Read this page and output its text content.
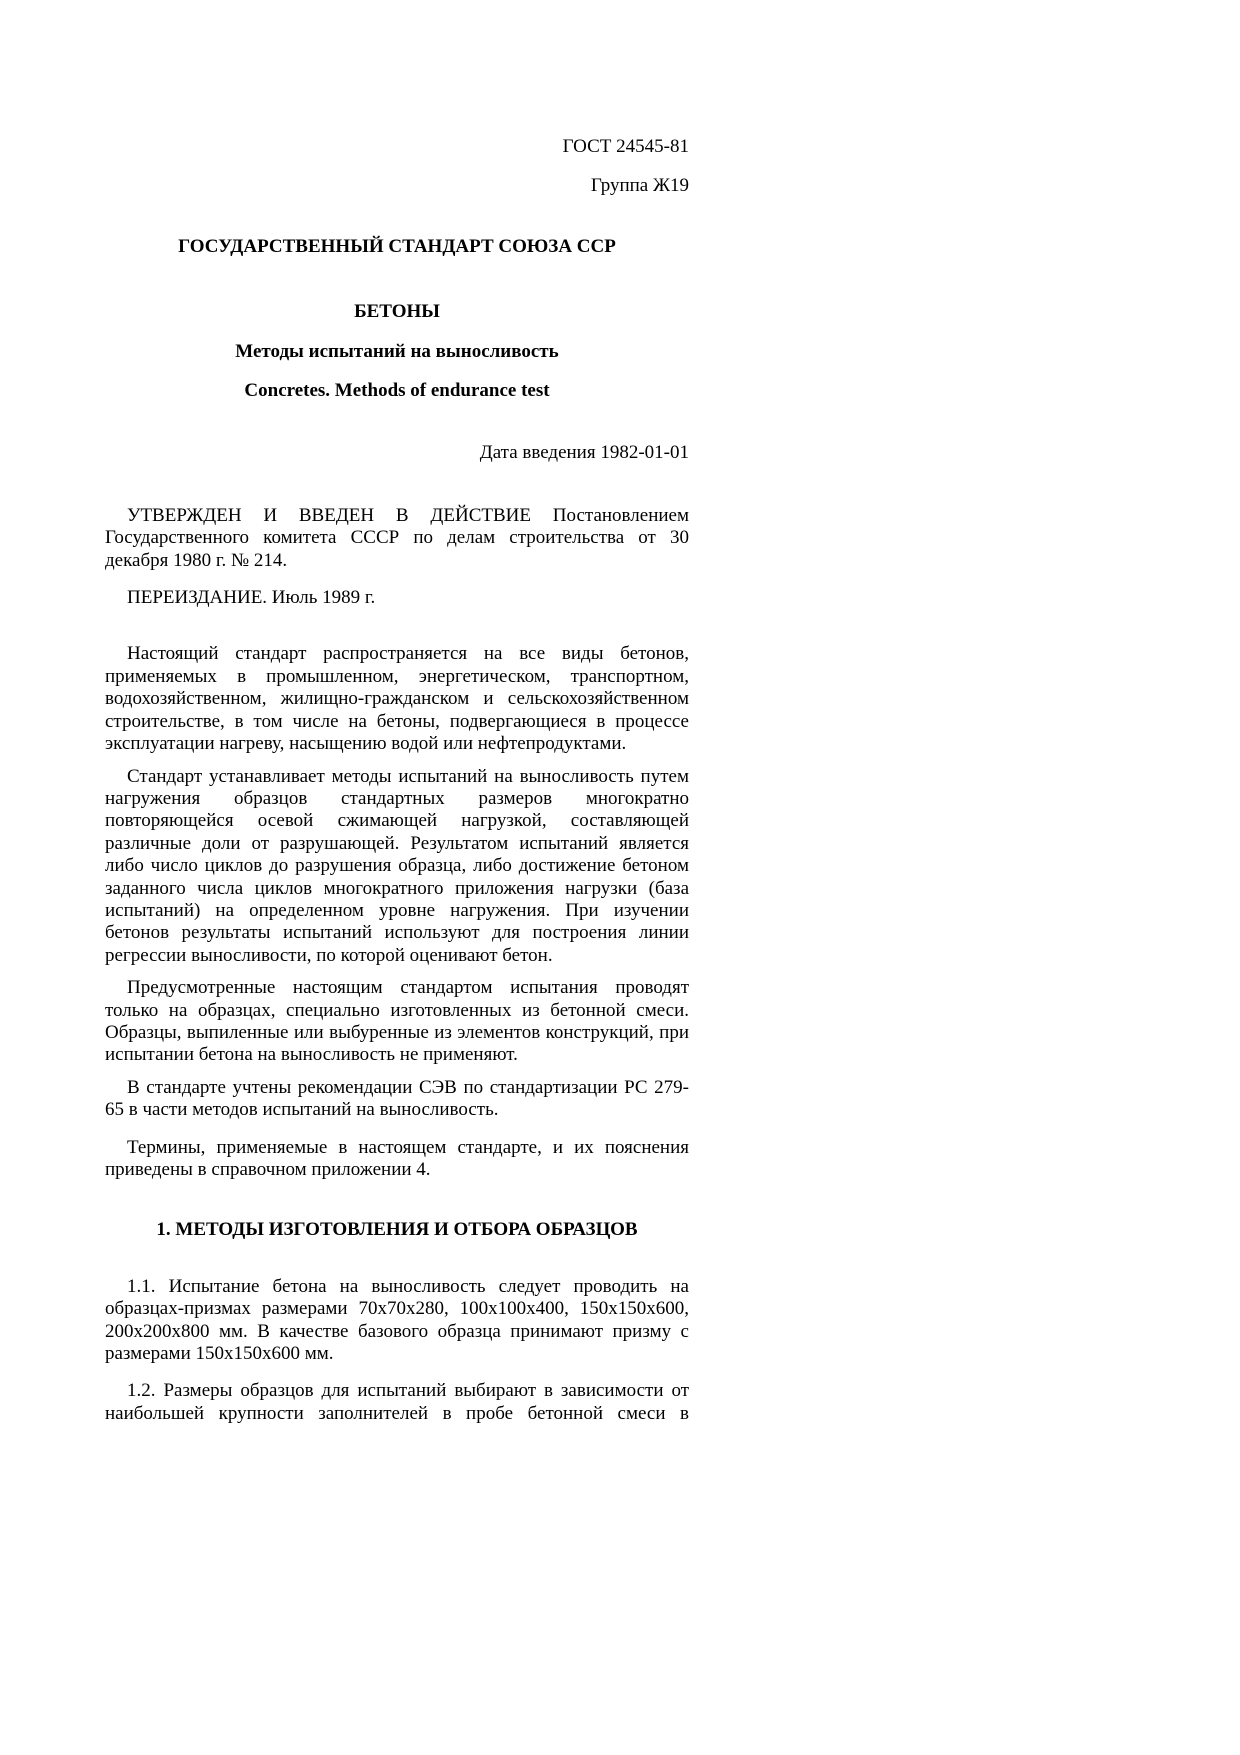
ГОСТ 24545-81
Группа Ж19
ГОСУДАРСТВЕННЫЙ СТАНДАРТ СОЮЗА ССР
БЕТОНЫ
Методы испытаний на выносливость
Concretes. Methods of endurance test
Дата введения 1982-01-01

УТВЕРЖДЕН И ВВЕДЕН В ДЕЙСТВИЕ Постановлением Государственного комитета СССР по делам строительства от 30 декабря 1980 г. № 214.

ПЕРЕИЗДАНИЕ. Июль 1989 г.

Настоящий стандарт распространяется на все виды бетонов, применяемых в промышленном, энергетическом, транспортном, водохозяйственном, жилищно-гражданском и сельскохозяйственном строительстве, в том числе на бетоны, подвергающиеся в процессе эксплуатации нагреву, насыщению водой или нефтепродуктами.

Стандарт устанавливает методы испытаний на выносливость путем нагружения образцов стандартных размеров многократно повторяющейся осевой сжимающей нагрузкой, составляющей различные доли от разрушающей. Результатом испытаний является либо число циклов до разрушения образца, либо достижение бетоном заданного числа циклов многократного приложения нагрузки (база испытаний) на определенном уровне нагружения. При изучении бетонов результаты испытаний используют для построения линии регрессии выносливости, по которой оценивают бетон.

Предусмотренные настоящим стандартом испытания проводят только на образцах, специально изготовленных из бетонной смеси. Образцы, выпиленные или выбуренные из элементов конструкций, при испытании бетона на выносливость не применяют.

В стандарте учтены рекомендации СЭВ по стандартизации РС 279-65 в части методов испытаний на выносливость.

Термины, применяемые в настоящем стандарте, и их пояснения приведены в справочном приложении 4.

1. МЕТОДЫ ИЗГОТОВЛЕНИЯ И ОТБОРА ОБРАЗЦОВ

1.1. Испытание бетона на выносливость следует проводить на образцах-призмах размерами 70х70х280, 100х100х400, 150х150х600, 200х200х800 мм. В качестве базового образца принимают призму с размерами 150х150х600 мм.

1.2. Размеры образцов для испытаний выбирают в зависимости от наибольшей крупности заполнителей в пробе бетонной смеси в
